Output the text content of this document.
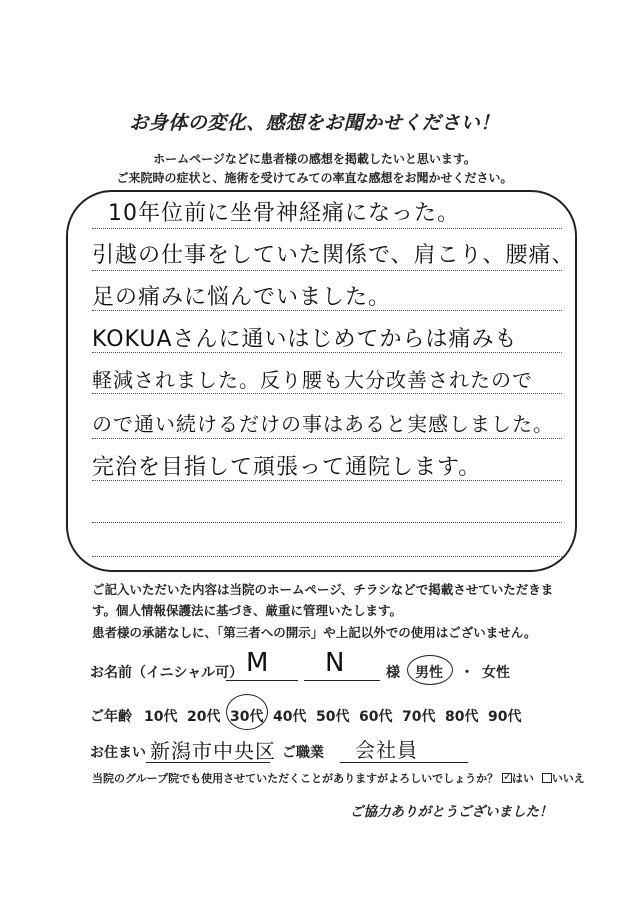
お身体の変化、感想をお聞かせください！
ホームページなどに患者様の感想を掲載したいと思います。
ご来院時の症状と、施術を受けてみての率直な感想をお聞かせください。
10年位前に坐骨神経痛になった。
引越の仕事をしていた関係で、肩こり、腰痛、
足の痛みに悩んでいました。
KOKUAさんに通いはじめてからは痛みも
軽減されました。反り腰も大分改善されたので
ので通い続けるだけの事はあると実感しました。
完治を目指して頑張って通院します。
ご記入いただいた内容は当院のホームページ、チラシなどで掲載させていただきま
す。個人情報保護法に基づき、厳重に管理いたします。
患者様の承諾なしに、「第三者への開示」や上記以外での使用はございません。
お名前（イニシャル可） M N	様 男性 ・ 女性
ご年齢 10代 20代 30代 40代 50代 60代 70代 80代 90代
お住まい 新潟市中央区 ご職業 会社員
当院のグループ院でも使用させていただくことがありますがよろしいでしょうか？ ✓ はい いいえ
ご協力ありがとうございました！
